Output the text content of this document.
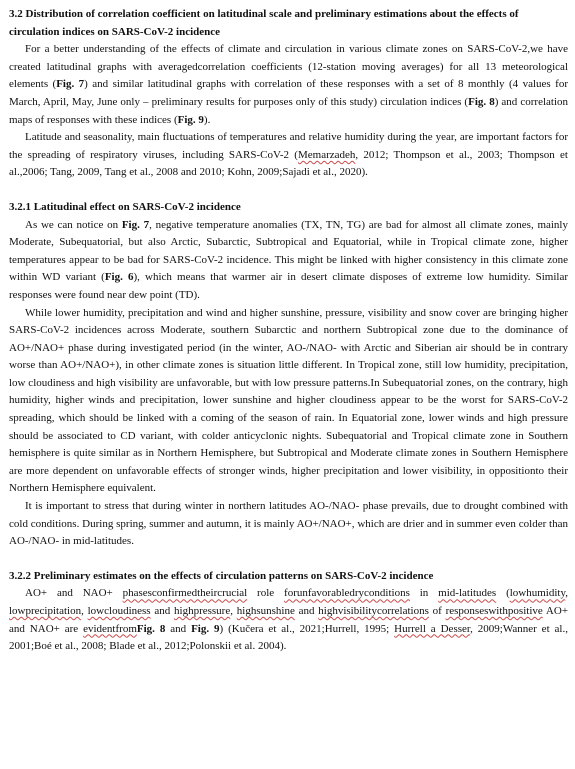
3.2 Distribution of correlation coefficient on latitudinal scale and preliminary estimations about the effects of circulation indices on SARS-CoV-2 incidence

For a better understanding of the effects of climate and circulation in various climate zones on SARS-CoV-2,we have created latitudinal graphs with averagedcorrelation coefficients (12-station moving averages) for all 13 meteorological elements (Fig. 7) and similar latitudinal graphs with correlation of these responses with a set of 8 monthly (4 values for March, April, May, June only – preliminary results for purposes only of this study) circulation indices (Fig. 8) and correlation maps of responses with these indices (Fig. 9).

Latitude and seasonality, main fluctuations of temperatures and relative humidity during the year, are important factors for the spreading of respiratory viruses, including SARS-CoV-2 (Memarzadeh, 2012; Thompson et al., 2003; Thompson et al.,2006; Tang, 2009, Tang et al., 2008 and 2010; Kohn, 2009;Sajadi et al., 2020).

3.2.1 Latitudinal effect on SARS-CoV-2 incidence

As we can notice on Fig. 7, negative temperature anomalies (TX, TN, TG) are bad for almost all climate zones, mainly Moderate, Subequatorial, but also Arctic, Subarctic, Subtropical and Equatorial, while in Tropical climate zone, higher temperatures appear to be bad for SARS-CoV-2 incidence. This might be linked with higher consistency in this climate zone within WD variant (Fig. 6), which means that warmer air in desert climate disposes of extreme low humidity. Similar responses were found near dew point (TD).

While lower humidity, precipitation and wind and higher sunshine, pressure, visibility and snow cover are bringing higher SARS-CoV-2 incidences across Moderate, southern Subarctic and northern Subtropical zone due to the dominance of AO+/NAO+ phase during investigated period (in the winter, AO-/NAO- with Arctic and Siberian air should be in contrary worse than AO+/NAO+), in other climate zones is situation little different. In Tropical zone, still low humidity, precipitation, low cloudiness and high visibility are unfavorable, but with low pressure patterns.In Subequatorial zones, on the contrary, high humidity, higher winds and precipitation, lower sunshine and higher cloudiness appear to be the worst for SARS-CoV-2 spreading, which should be linked with a coming of the season of rain. In Equatorial zone, lower winds and high pressure should be associated to CD variant, with colder anticyclonic nights. Subequatorial and Tropical climate zone in Southern hemisphere is quite similar as in Northern Hemisphere, but Subtropical and Moderate climate zones in Southern Hemisphere are more dependent on unfavorable effects of stronger winds, higher precipitation and lower visibility, in oppositionto their Northern Hemisphere equivalent.

It is important to stress that during winter in northern latitudes AO-/NAO- phase prevails, due to drought combined with cold conditions. During spring, summer and autumn, it is mainly AO+/NAO+, which are drier and in summer even colder than AO-/NAO- in mid-latitudes.

3.2.2 Preliminary estimates on the effects of circulation patterns on SARS-CoV-2 incidence

AO+ and NAO+ phasesconfirmedtheircrucial role forunfavorabledryconditions in mid-latitudes (lowhumidity, lowprecipitation, lowcloudiness and highpressure, highsunshine and highvisibilitycorrelations of responseswithpositive AO+ and NAO+ are evidentfromFig. 8 and Fig. 9) (Kučera et al., 2021;Hurrell, 1995; Hurrell a Desser, 2009;Wanner et al., 2001;Boé et al., 2008; Blade et al., 2012;Polonskii et al. 2004).
